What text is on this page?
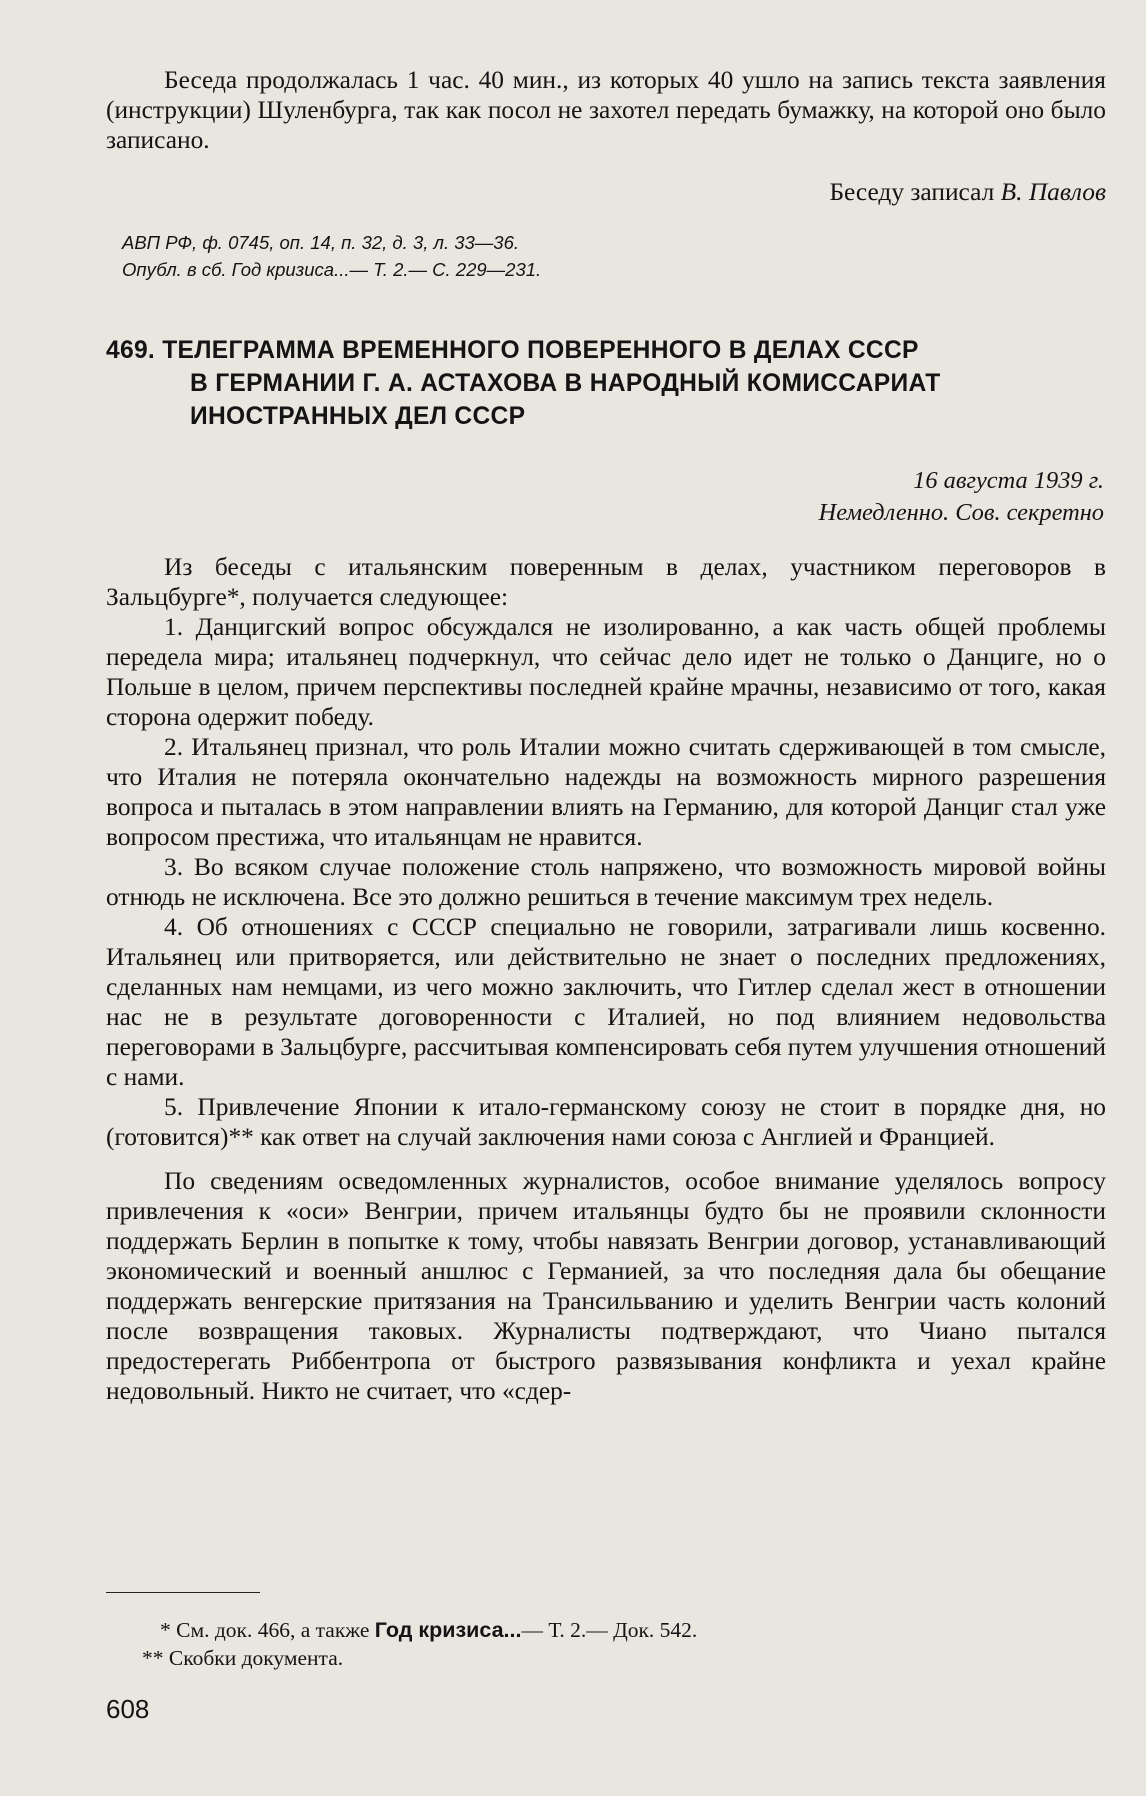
Беседа продолжалась 1 час. 40 мин., из которых 40 ушло на запись текста заявления (инструкции) Шуленбурга, так как посол не захотел передать бумажку, на которой оно было записано.

Беседу записал В. Павлов
АВП РФ, ф. 0745, оп. 14, п. 32, д. 3, л. 33—36.
Опубл. в сб. Год кризиса...— Т. 2.— С. 229—231.
469. ТЕЛЕГРАММА ВРЕМЕННОГО ПОВЕРЕННОГО В ДЕЛАХ СССР
В ГЕРМАНИИ Г. А. АСТАХОВА В НАРОДНЫЙ КОМИССАРИАТ
ИНОСТРАННЫХ ДЕЛ СССР
16 августа 1939 г.
Немедленно. Сов. секретно

Из беседы с итальянским поверенным в делах, участником переговоров в Зальцбурге*, получается следующее:

1. Данцигский вопрос обсуждался не изолированно, а как часть общей проблемы передела мира; итальянец подчеркнул, что сейчас дело идет не только о Данциге, но о Польше в целом, причем перспективы последней крайне мрачны, независимо от того, какая сторона одержит победу.

2. Итальянец признал, что роль Италии можно считать сдерживающей в том смысле, что Италия не потеряла окончательно надежды на возможность мирного разрешения вопроса и пыталась в этом направлении влиять на Германию, для которой Данциг стал уже вопросом престижа, что итальянцам не нравится.

3. Во всяком случае положение столь напряжено, что возможность мировой войны отнюдь не исключена. Все это должно решиться в течение максимум трех недель.

4. Об отношениях с СССР специально не говорили, затрагивали лишь косвенно. Итальянец или притворяется, или действительно не знает о последних предложениях, сделанных нам немцами, из чего можно заключить, что Гитлер сделал жест в отношении нас не в результате договоренности с Италией, но под влиянием недовольства переговорами в Зальцбурге, рассчитывая компенсировать себя путем улучшения отношений с нами.

5. Привлечение Японии к итало-германскому союзу не стоит в порядке дня, но (готовится)** как ответ на случай заключения нами союза с Англией и Францией.

По сведениям осведомленных журналистов, особое внимание уделялось вопросу привлечения к «оси» Венгрии, причем итальянцы будто бы не проявили склонности поддержать Берлин в попытке к тому, чтобы навязать Венгрии договор, устанавливающий экономический и военный аншлюс с Германией, за что последняя дала бы обещание поддержать венгерские притязания на Трансильванию и уделить Венгрии часть колоний после возвращения таковых. Журналисты подтверждают, что Чиано пытался предостерегать Риббентропа от быстрого развязывания конфликта и уехал крайне недовольный. Никто не считает, что «сдер-

* См. док. 466, а также Год кризиса...— Т. 2.— Док. 542.
** Скобки документа.
608
